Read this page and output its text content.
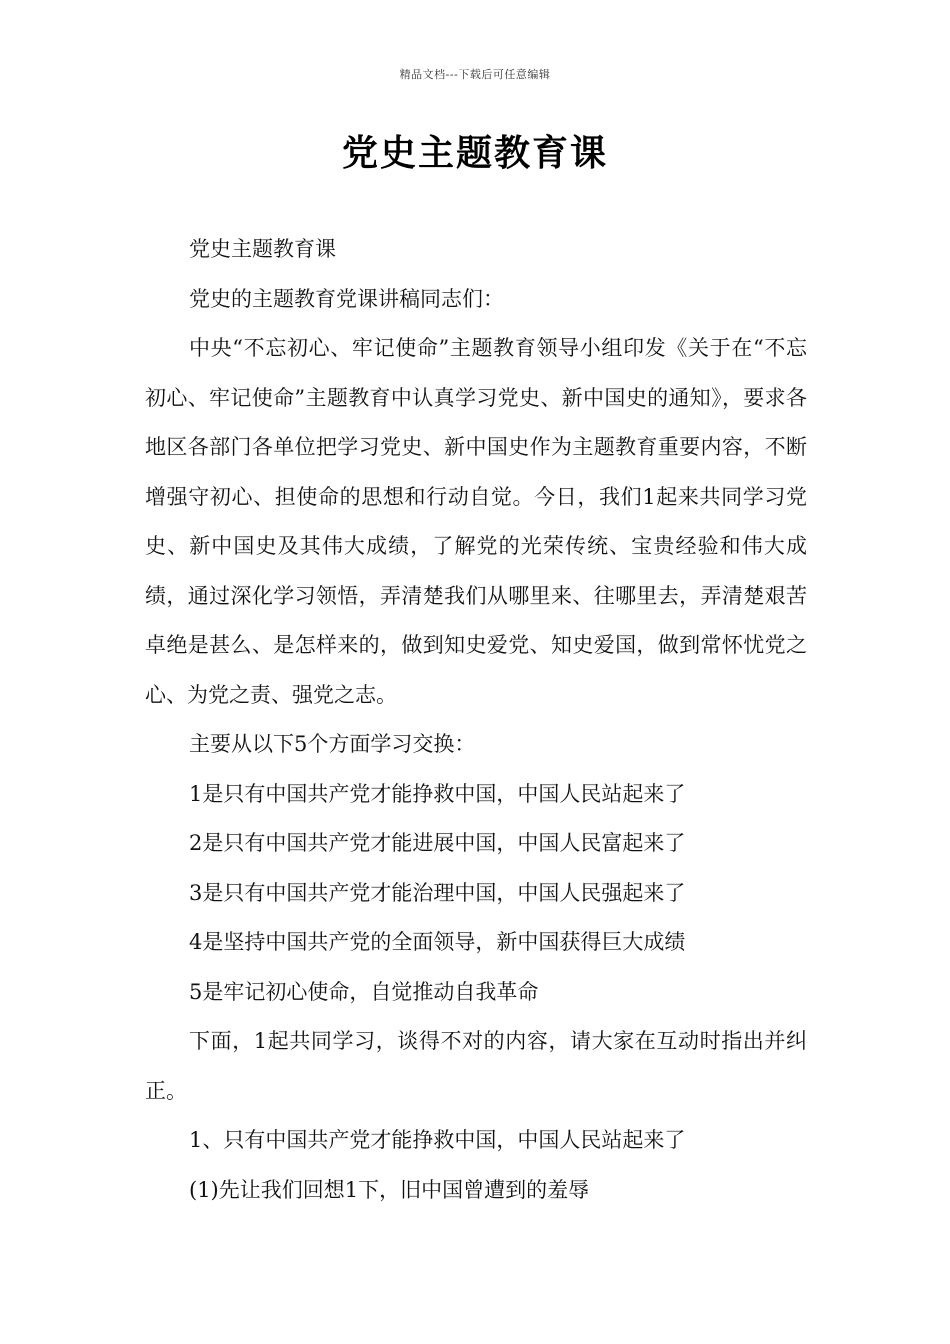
精品文档---下载后可任意编辑
党史主题教育课

党史主题教育课

党史的主题教育党课讲稿同志们：

中央“不忘初心、牢记使命”主题教育领导小组印发《关于在“不忘初心、牢记使命”主题教育中认真学习党史、新中国史的通知》，要求各地区各部门各单位把学习党史、新中国史作为主题教育重要内容，不断增强守初心、担使命的思想和行动自觉。今日，我们1起来共同学习党史、新中国史及其伟大成绩，了解党的光荣传统、宝贵经验和伟大成绩，通过深化学习领悟，弄清楚我们从哪里来、往哪里去，弄清楚艰苦卓绝是甚么、是怎样来的，做到知史爱党、知史爱国，做到常怀忧党之心、为党之责、强党之志。

主要从以下5个方面学习交换：

1是只有中国共产党才能挣救中国，中国人民站起来了

2是只有中国共产党才能进展中国，中国人民富起来了

3是只有中国共产党才能治理中国，中国人民强起来了

4是坚持中国共产党的全面领导，新中国获得巨大成绩

5是牢记初心使命，自觉推动自我革命

下面，1起共同学习，谈得不对的内容，请大家在互动时指出并纠正。

1、只有中国共产党才能挣救中国，中国人民站起来了

(1)先让我们回想1下，旧中国曾遭到的羞辱
